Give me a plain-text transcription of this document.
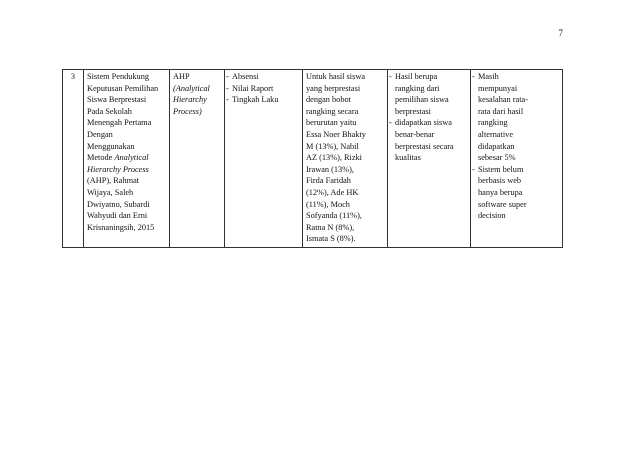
7
3	Sistem Pendukung
Keputusan Pemilihan
Siswa Berprestasi
Pada Sekolah
Menengah Pertama
Dengan
Menggunakan
Metode Analytical
Hierarchy Process
(AHP), Rahmat
Wijaya, Saleh
Dwiyatno, Subardi
Wahyudi dan Erni
Krisnaningsih, 2015

AHP
(Analytical
Hierarchy
Process)

- Absensi
- Nilai Raport
- Tingkah Laku

Untuk hasil siswa
yang berprestasi
dengan bobot
rangking secara
berurutan yaitu
Essa Noer Bhakty
M (13%), Nabil
AZ (13%), Rizki
Irawan (13%),
Firda Faridah
(12%), Ade HK
(11%), Moch
Sofyanda (11%),
Ratna N (8%),
Ismata S (8%).

- Hasil berupa
rangking dari
pemilihan siswa
berprestasi
- didapatkan siswa
benar-benar
berprestasi secara
kualitas

- Masih
mempunyai
kesalahan rata-
rata dari hasil
rangking
alternative
didapatkan
sebesar 5%
- Sistem belum
berbasis web
hanya berupa
software super
decision
